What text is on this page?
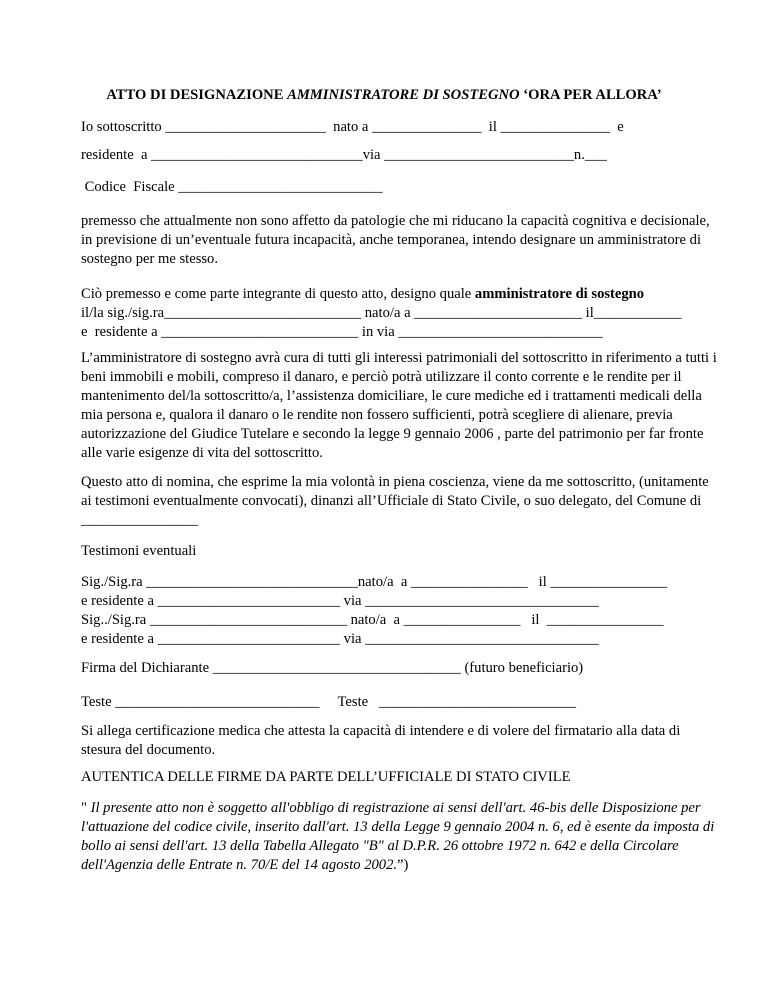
ATTO DI DESIGNAZIONE AMMINISTRATORE DI SOSTEGNO ‘ORA PER ALLORA’

Io sottoscritto ______________________  nato a _______________  il _______________  e

residente  a _____________________________via __________________________n.___

Codice  Fiscale ____________________________

premesso che attualmente non sono affetto da patologie che mi riducano la capacità cognitiva e decisionale, in previsione di un’eventuale futura incapacità, anche temporanea, intendo designare un amministratore di sostegno per me stesso.

Ciò premesso e come parte integrante di questo atto, designo quale amministratore di sostegno

il/la sig./sig.ra___________________________ nato/a a _______________________ il____________

e  residente a ___________________________ in via ____________________________

L’amministratore di sostegno avrà cura di tutti gli interessi patrimoniali del sottoscritto in riferimento a tutti i beni immobili e mobili, compreso il danaro, e perciò potrà utilizzare il conto corrente e le rendite per il mantenimento del/la sottoscritto/a, l’assistenza domiciliare, le cure mediche ed i trattamenti medicali della mia persona e, qualora il danaro o le rendite non fossero sufficienti, potrà scegliere di alienare, previa autorizzazione del Giudice Tutelare e secondo la legge 9 gennaio 2006 , parte del patrimonio per far fronte alle varie esigenze di vita del sottoscritto.

Questo atto di nomina, che esprime la mia volontà in piena coscienza, viene da me sottoscritto, (unitamente ai testimoni eventualmente convocati), dinanzi all’Ufficiale di Stato Civile, o suo delegato, del Comune di ________________

Testimoni eventuali

Sig./Sig.ra _____________________________nato/a  a ________________   il ________________

e residente a _________________________ via ________________________________

Sig../Sig.ra ___________________________ nato/a  a ________________   il  ________________

e residente a _________________________ via ________________________________

Firma del Dichiarante __________________________________ (futuro beneficiario)

Teste ____________________________     Teste   ___________________________

Si allega certificazione medica che attesta la capacità di intendere e di volere del firmatario alla data di stesura del documento.

AUTENTICA DELLE FIRME DA PARTE DELL’UFFICIALE DI STATO CIVILE

" Il presente atto non è soggetto all'obbligo di registrazione ai sensi dell'art. 46-bis delle Disposizione per l'attuazione del codice civile, inserito dall'art. 13 della Legge 9 gennaio 2004 n. 6, ed è esente da imposta di bollo ai sensi dell'art. 13 della Tabella Allegato "B" al D.P.R. 26 ottobre 1972 n. 642 e della Circolare dell'Agenzia delle Entrate n. 70/E del 14 agosto 2002.”)
